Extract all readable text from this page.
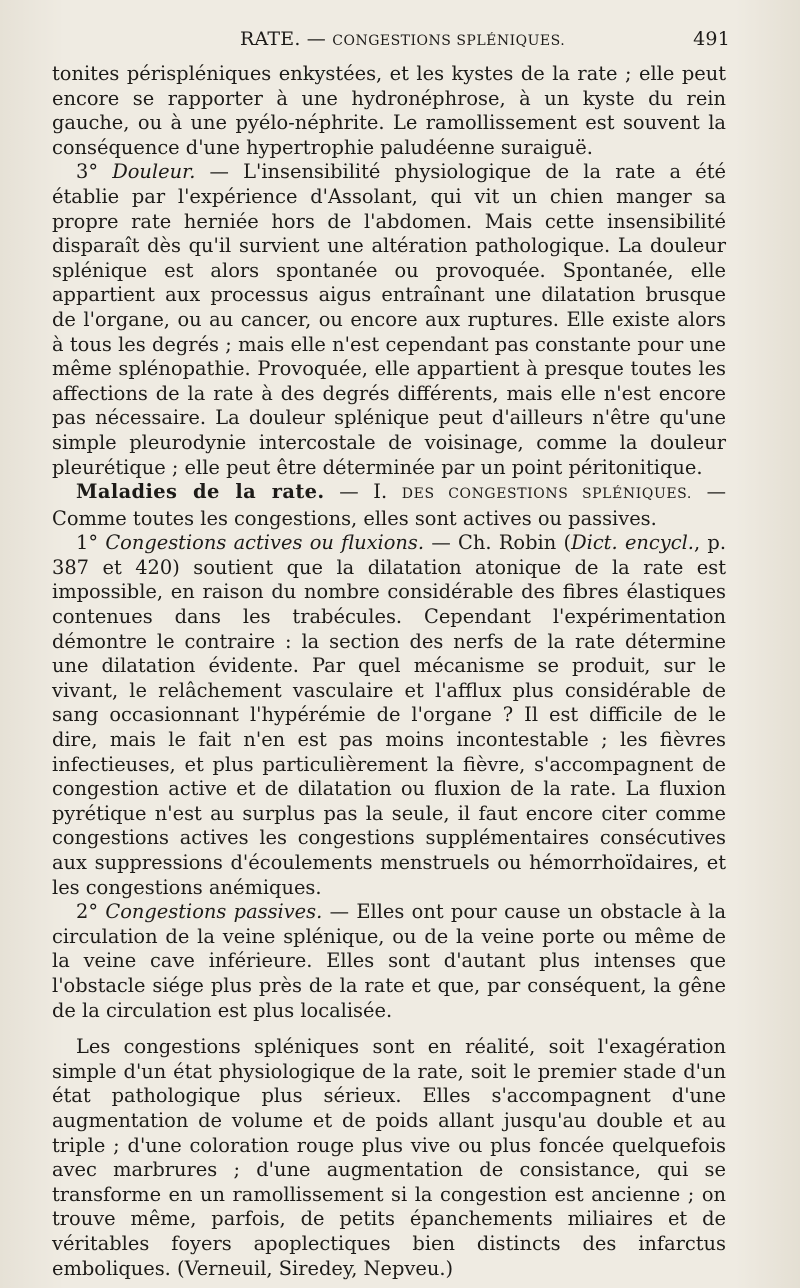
RATE. — CONGESTIONS SPLÉNIQUES.	491

tonites périspléniques enkystées, et les kystes de la rate ; elle peut encore se rapporter à une hydronéphrose, à un kyste du rein gauche, ou à une pyélo-néphrite. Le ramollissement est souvent la conséquence d'une hypertrophie paludéenne suraiguë.

3° Douleur. — L'insensibilité physiologique de la rate a été établie par l'expérience d'Assolant, qui vit un chien manger sa propre rate herniée hors de l'abdomen. Mais cette insensibilité disparaît dès qu'il survient une altération pathologique. La douleur splénique est alors spontanée ou provoquée. Spontanée, elle appartient aux processus aigus entraînant une dilatation brusque de l'organe, ou au cancer, ou encore aux ruptures. Elle existe alors à tous les degrés ; mais elle n'est cependant pas constante pour une même splénopathie. Provoquée, elle appartient à presque toutes les affections de la rate à des degrés différents, mais elle n'est encore pas nécessaire. La douleur splénique peut d'ailleurs n'être qu'une simple pleurodynie intercostale de voisinage, comme la douleur pleurétique ; elle peut être déterminée par un point péritonitique.

Maladies de la rate. — I. DES CONGESTIONS SPLÉNIQUES. — Comme toutes les congestions, elles sont actives ou passives.

1° Congestions actives ou fluxions. — Ch. Robin (Dict. encycl., p. 387 et 420) soutient que la dilatation atonique de la rate est impossible, en raison du nombre considérable des fibres élastiques contenues dans les trabécules. Cependant l'expérimentation démontre le contraire : la section des nerfs de la rate détermine une dilatation évidente. Par quel mécanisme se produit, sur le vivant, le relâchement vasculaire et l'afflux plus considérable de sang occasionnant l'hypérémie de l'organe ? Il est difficile de le dire, mais le fait n'en est pas moins incontestable ; les fièvres infectieuses, et plus particulièrement la fièvre, s'accompagnent de congestion active et de dilatation ou fluxion de la rate. La fluxion pyrétique n'est au surplus pas la seule, il faut encore citer comme congestions actives les congestions supplémentaires consécutives aux suppressions d'écoulements menstruels ou hémorrhoïdaires, et les congestions anémiques.

2° Congestions passives. — Elles ont pour cause un obstacle à la circulation de la veine splénique, ou de la veine porte ou même de la veine cave inférieure. Elles sont d'autant plus intenses que l'obstacle siége plus près de la rate et que, par conséquent, la gêne de la circulation est plus localisée.

Les congestions spléniques sont en réalité, soit l'exagération simple d'un état physiologique de la rate, soit le premier stade d'un état pathologique plus sérieux. Elles s'accompagnent d'une augmentation de volume et de poids allant jusqu'au double et au triple ; d'une coloration rouge plus vive ou plus foncée quelquefois avec marbrures ; d'une augmentation de consistance, qui se transforme en un ramollissement si la congestion est ancienne ; on trouve même, parfois, de petits épanchements miliaires et de véritables foyers apoplectiques bien distincts des infarctus emboliques. (Verneuil, Siredey, Nepveu.)
